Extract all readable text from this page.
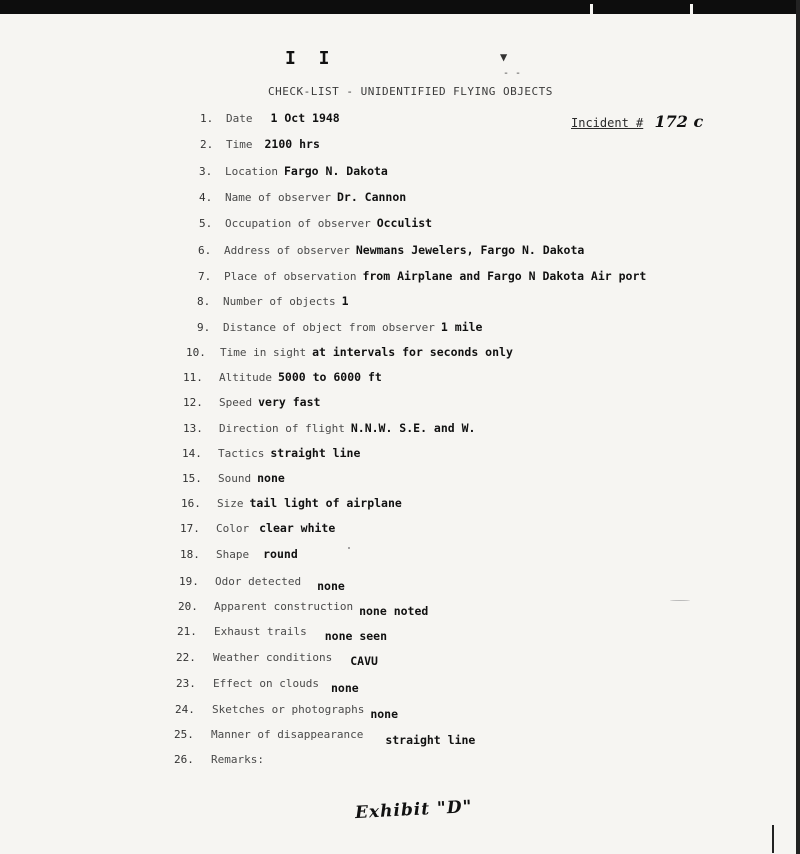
I I	▼
- -
CHECK-LIST - UNIDENTIFIED FLYING OBJECTS
Incident # 172 c
1. Date 1 Oct 1948
2. Time 2100 hrs
3. Location Fargo N. Dakota
4. Name of observer Dr. Cannon
5. Occupation of observer Occulist
6. Address of observer Newmans Jewelers, Fargo N. Dakota
7. Place of observation from Airplane and Fargo N Dakota Air port
8. Number of objects 1
9. Distance of object from observer 1 mile
10. Time in sight at intervals for seconds only
11. Altitude 5000 to 6000 ft
12. Speed very fast
13. Direction of flight N.N.W. S.E. and W.
14. Tactics straight line
15. Sound none
16. Size tail light of airplane
17. Color clear white
18. Shape round
19. Odor detected none
20. Apparent construction none noted
21. Exhaust trails none seen
22. Weather conditions CAVU
23. Effect on clouds none
24. Sketches or photographs none
25. Manner of disappearance straight line
26. Remarks:
Exhibit "D"
